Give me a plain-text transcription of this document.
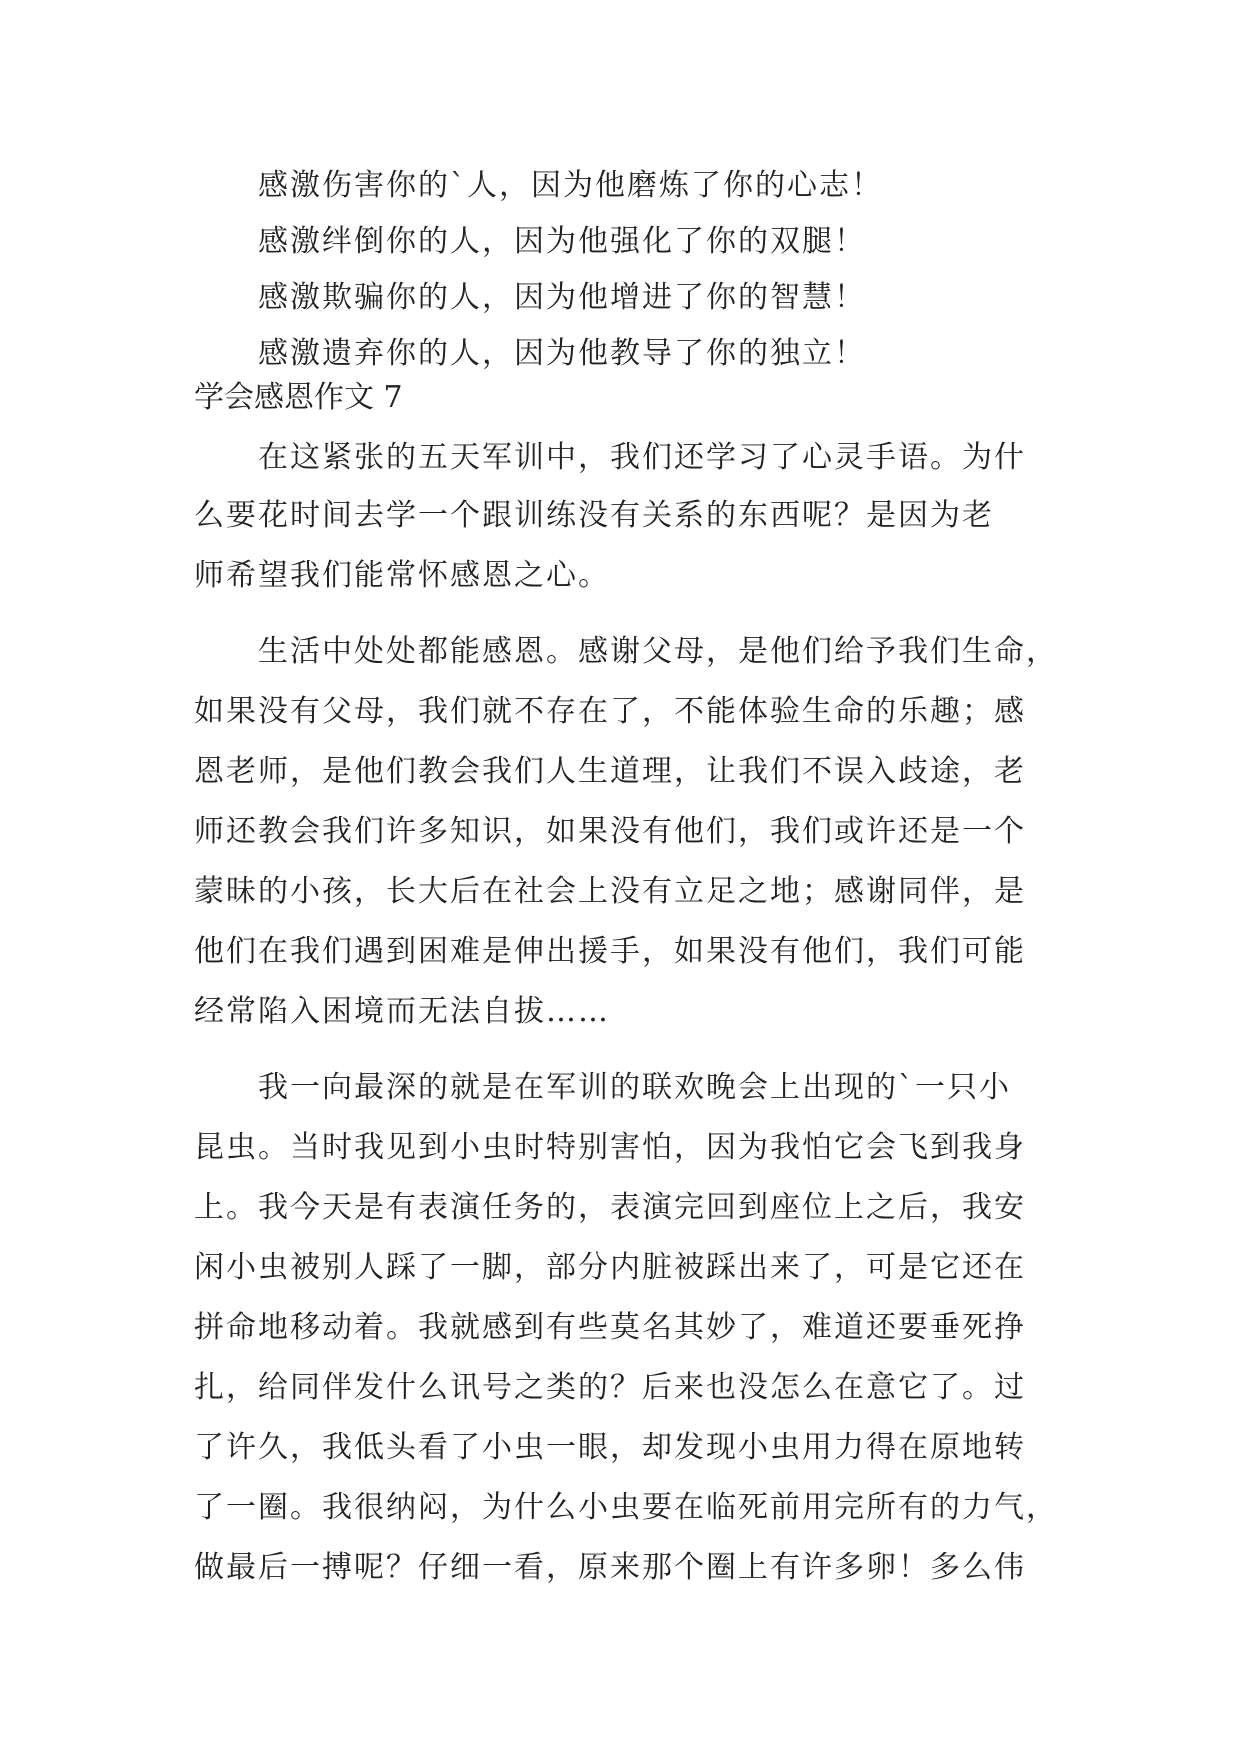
感激伤害你的`人，因为他磨炼了你的心志！
感激绊倒你的人，因为他强化了你的双腿！
感激欺骗你的人，因为他增进了你的智慧！
感激遗弃你的人，因为他教导了你的独立！
学会感恩作文 7
在这紧张的五天军训中，我们还学习了心灵手语。为什
么要花时间去学一个跟训练没有关系的东西呢？是因为老
师希望我们能常怀感恩之心。
生活中处处都能感恩。感谢父母，是他们给予我们生命，
如果没有父母，我们就不存在了，不能体验生命的乐趣；感
恩老师，是他们教会我们人生道理，让我们不误入歧途，老
师还教会我们许多知识，如果没有他们，我们或许还是一个
蒙昧的小孩，长大后在社会上没有立足之地；感谢同伴，是
他们在我们遇到困难是伸出援手，如果没有他们，我们可能
经常陷入困境而无法自拔……
我一向最深的就是在军训的联欢晚会上出现的`一只小
昆虫。当时我见到小虫时特别害怕，因为我怕它会飞到我身
上。我今天是有表演任务的，表演完回到座位上之后，我安
闲小虫被别人踩了一脚，部分内脏被踩出来了，可是它还在
拼命地移动着。我就感到有些莫名其妙了，难道还要垂死挣
扎，给同伴发什么讯号之类的？后来也没怎么在意它了。过
了许久，我低头看了小虫一眼，却发现小虫用力得在原地转
了一圈。我很纳闷，为什么小虫要在临死前用完所有的力气，
做最后一搏呢？仔细一看，原来那个圈上有许多卵！多么伟
